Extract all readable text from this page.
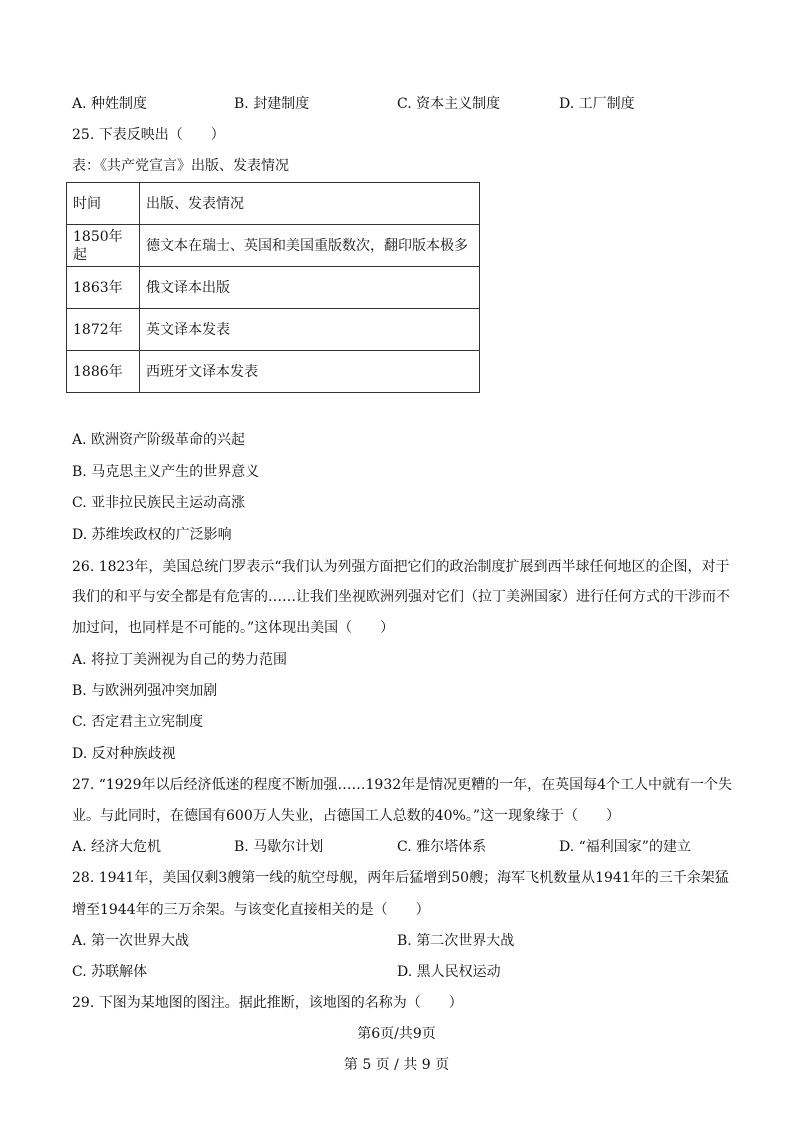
A. 种姓制度	B. 封建制度	C. 资本主义制度	D. 工厂制度
25. 下表反映出（　　）
表：《共产党宣言》出版、发表情况
时间	出版、发表情况
1850年起	德文本在瑞士、英国和美国重版数次，翻印版本极多
1863年	俄文译本出版
1872年	英文译本发表
1886年	西班牙文译本发表
A. 欧洲资产阶级革命的兴起
B. 马克思主义产生的世界意义
C. 亚非拉民族民主运动高涨
D. 苏维埃政权的广泛影响
26. 1823年，美国总统门罗表示“我们认为列强方面把它们的政治制度扩展到西半球任何地区的企图，对于
我们的和平与安全都是有危害的……让我们坐视欧洲列强对它们（拉丁美洲国家）进行任何方式的干涉而不
加过问，也同样是不可能的。”这体现出美国（　　）
A. 将拉丁美洲视为自己的势力范围
B. 与欧洲列强冲突加剧
C. 否定君主立宪制度
D. 反对种族歧视
27. “1929年以后经济低迷的程度不断加强……1932年是情况更糟的一年，在英国每4个工人中就有一个失
业。与此同时，在德国有600万人失业，占德国工人总数的40%。”这一现象缘于（　　）
A. 经济大危机	B. 马歇尔计划	C. 雅尔塔体系	D. “福利国家”的建立
28. 1941年，美国仅剩3艘第一线的航空母舰，两年后猛增到50艘；海军飞机数量从1941年的三千余架猛
增至1944年的三万余架。与该变化直接相关的是（　　）
A. 第一次世界大战	B. 第二次世界大战
C. 苏联解体	D. 黑人民权运动
29. 下图为某地图的图注。据此推断，该地图的名称为（　　）
第6页/共9页
第 5 页 / 共 9 页
